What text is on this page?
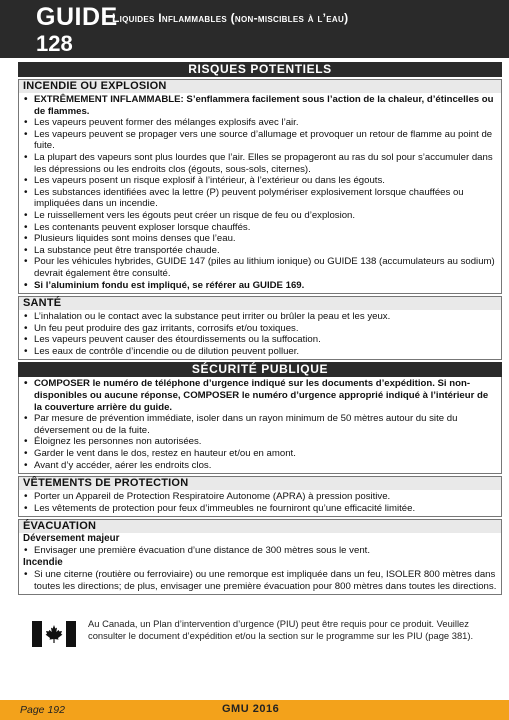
GUIDE
128
Liquides Inflammables (non-miscibles à l’eau)
RISQUES POTENTIELS
INCENDIE OU EXPLOSION
• EXTRÊMEMENT INFLAMMABLE: S’enflammera facilement sous l’action de la chaleur, d’étincelles ou de flammes.
• Les vapeurs peuvent former des mélanges explosifs avec l’air.
• Les vapeurs peuvent se propager vers une source d’allumage et provoquer un retour de flamme au point de fuite.
• La plupart des vapeurs sont plus lourdes que l’air. Elles se propageront au ras du sol pour s’accumuler dans les dépressions ou les endroits clos (égouts, sous-sols, citernes).
• Les vapeurs posent un risque explosif à l’intérieur, à l’extérieur ou dans les égouts.
• Les substances identifiées avec la lettre (P) peuvent polymériser explosivement lorsque chauffées ou impliquées dans un incendie.
• Le ruissellement vers les égouts peut créer un risque de feu ou d’explosion.
• Les contenants peuvent exploser lorsque chauffés.
• Plusieurs liquides sont moins denses que l’eau.
• La substance peut être transportée chaude.
• Pour les véhicules hybrides, GUIDE 147 (piles au lithium ionique) ou GUIDE 138 (accumulateurs au sodium) devrait également être consulté.
• Si l’aluminium fondu est impliqué, se référer au GUIDE 169.
SANTÉ
• L’inhalation ou le contact avec la substance peut irriter ou brûler la peau et les yeux.
• Un feu peut produire des gaz irritants, corrosifs et/ou toxiques.
• Les vapeurs peuvent causer des étourdissements ou la suffocation.
• Les eaux de contrôle d’incendie ou de dilution peuvent polluer.
SÉCURITÉ PUBLIQUE
• COMPOSER le numéro de téléphone d’urgence indiqué sur les documents d’expédition. Si non-disponibles ou aucune réponse, COMPOSER le numéro d’urgence approprié indiqué à l’intérieur de la couverture arrière du guide.
• Par mesure de prévention immédiate, isoler dans un rayon minimum de 50 mètres autour du site du déversement ou de la fuite.
• Éloignez les personnes non autorisées.
• Garder le vent dans le dos, restez en hauteur et/ou en amont.
• Avant d’y accéder, aérer les endroits clos.
VÊTEMENTS DE PROTECTION
• Porter un Appareil de Protection Respiratoire Autonome (APRA) à pression positive.
• Les vêtements de protection pour feux d’immeubles ne fourniront qu’une efficacité limitée.
ÉVACUATION
Déversement majeur
• Envisager une première évacuation d’une distance de 300 mètres sous le vent.
Incendie
• Si une citerne (routière ou ferroviaire) ou une remorque est impliquée dans un feu, ISOLER 800 mètres dans toutes les directions; de plus, envisager une première évacuation pour 800 mètres dans toutes les directions.
Au Canada, un Plan d’intervention d’urgence (PIU) peut être requis pour ce produit. Veuillez consulter le document d’expédition et/ou la section sur le programme sur les PIU (page 381).
Page 192	GMU 2016
